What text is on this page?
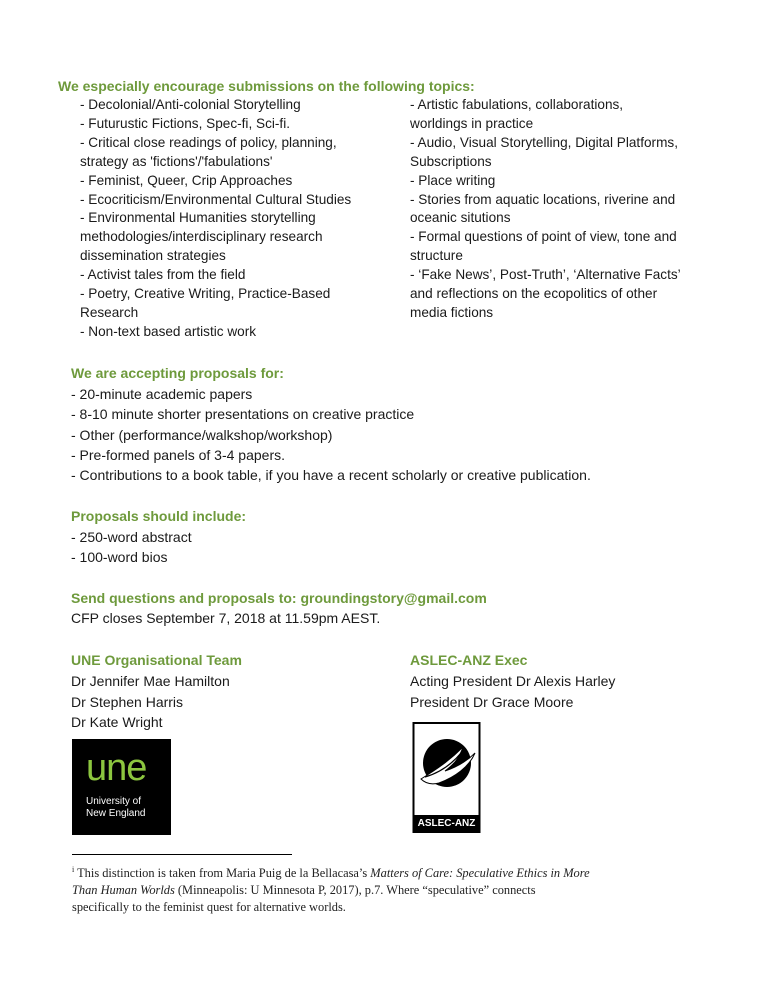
We especially encourage submissions on the following topics:
- Decolonial/Anti-colonial Storytelling
- Futurustic Fictions, Spec-fi, Sci-fi.
- Critical close readings of policy, planning,
strategy as 'fictions'/'fabulations'
- Feminist, Queer, Crip Approaches
- Ecocriticism/Environmental Cultural Studies
- Environmental Humanities storytelling
methodologies/interdisciplinary research
dissemination strategies
- Activist tales from the field
- Poetry, Creative Writing, Practice-Based
Research
- Non-text based artistic work
- Artistic fabulations, collaborations,
worldings in practice
- Audio, Visual Storytelling, Digital Platforms,
Subscriptions
- Place writing
- Stories from aquatic locations, riverine and
oceanic situtions
- Formal questions of point of view, tone and
structure
- ‘Fake News’, Post-Truth’, ‘Alternative Facts’
and reflections on the ecopolitics of other
media fictions
We are accepting proposals for:
- 20-minute academic papers
- 8-10 minute shorter presentations on creative practice
- Other (performance/walkshop/workshop)
- Pre-formed panels of 3-4 papers.
- Contributions to a book table, if you have a recent scholarly or creative publication.
Proposals should include:
- 250-word abstract
- 100-word bios
Send questions and proposals to: groundingstory@gmail.com
CFP closes September 7, 2018 at 11.59pm AEST.
UNE Organisational Team
Dr Jennifer Mae Hamilton
Dr Stephen Harris
Dr Kate Wright
ASLEC-ANZ Exec
Acting President Dr Alexis Harley
President Dr Grace Moore
une
University of
New England
ASLEC-ANZ
$^i$ This distinction is taken from Maria Puig de la Bellacasa’s Matters of Care: Speculative Ethics in More
Than Human Worlds (Minneapolis: U Minnesota P, 2017), p.7. Where “speculative” connects
specifically to the feminist quest for alternative worlds.
